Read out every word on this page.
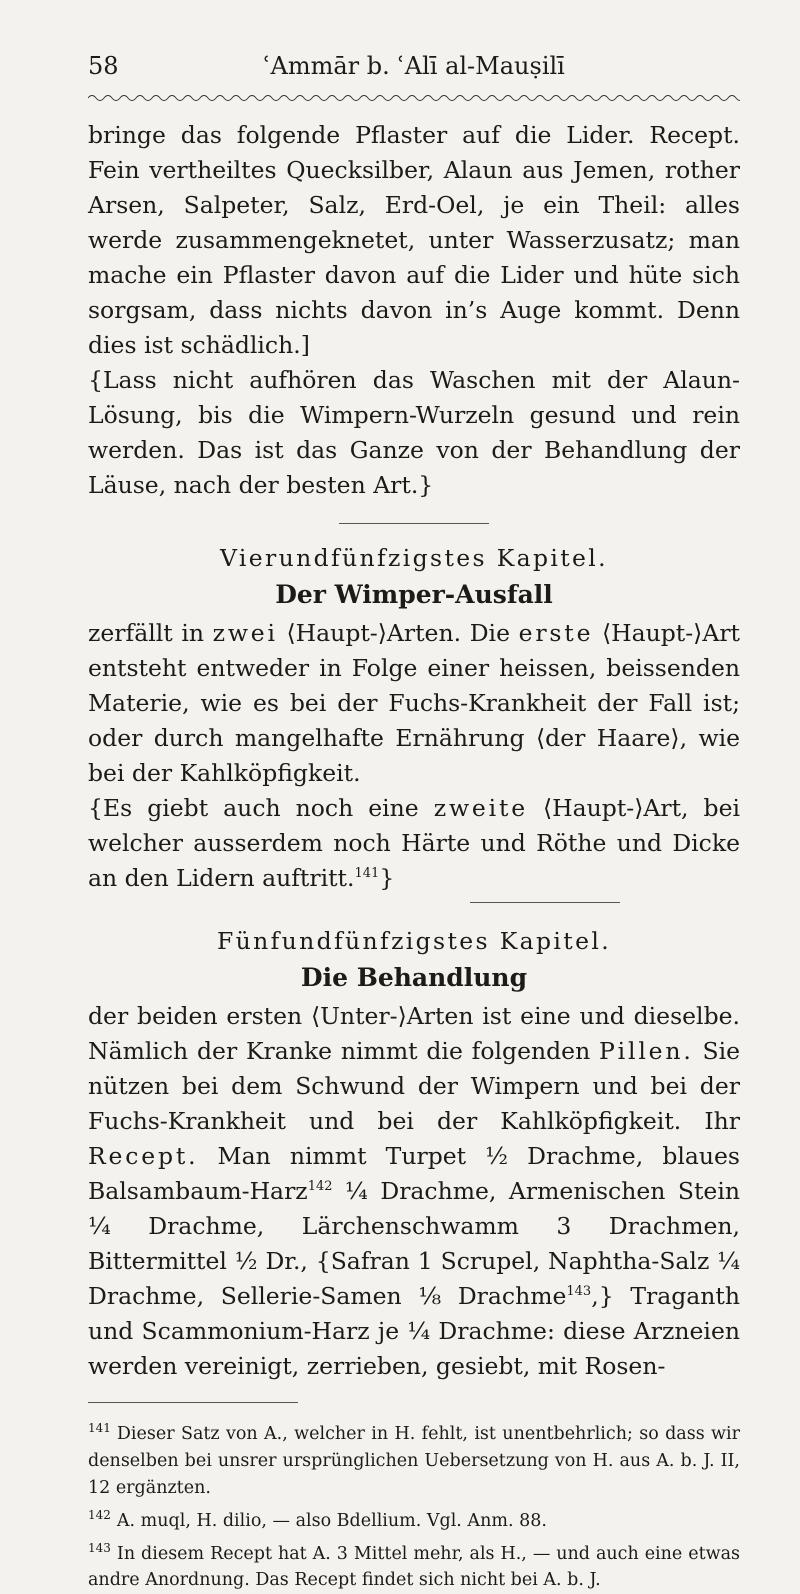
58	ʿAmmār b. ʿAlī al-Mauṣilī

bringe das folgende Pflaster auf die Lider. Recept. Fein vertheiltes Quecksilber, Alaun aus Jemen, rother Arsen, Salpeter, Salz, Erd-Oel, je ein Theil: alles werde zusammengeknetet, unter Wasserzusatz; man mache ein Pflaster davon auf die Lider und hüte sich sorgsam, dass nichts davon in’s Auge kommt. Denn dies ist schädlich.]

{Lass nicht aufhören das Waschen mit der Alaun-Lösung, bis die Wimpern-Wurzeln gesund und rein werden. Das ist das Ganze von der Behandlung der Läuse, nach der besten Art.}

Vierundfünfzigstes Kapitel.

Der Wimper-Ausfall

zerfällt in zwei ⟨Haupt-⟩Arten. Die erste ⟨Haupt-⟩Art entsteht entweder in Folge einer heissen, beissenden Materie, wie es bei der Fuchs-Krankheit der Fall ist; oder durch mangelhafte Ernährung ⟨der Haare⟩, wie bei der Kahlköpfigkeit.

{Es giebt auch noch eine zweite ⟨Haupt-⟩Art, bei welcher ausserdem noch Härte und Röthe und Dicke an den Lidern auftritt.$^{141}$}

Fünfundfünfzigstes Kapitel.

Die Behandlung

der beiden ersten ⟨Unter-⟩Arten ist eine und dieselbe. Nämlich der Kranke nimmt die folgenden Pillen. Sie nützen bei dem Schwund der Wimpern und bei der Fuchs-Krankheit und bei der Kahlköpfigkeit. Ihr Recept. Man nimmt Turpet ½ Drachme, blaues Balsambaum-Harz$^{142}$ ¼ Drachme, Armenischen Stein ¼ Drachme, Lärchenschwamm 3 Drachmen, Bittermittel ½ Dr., {Safran 1 Scrupel, Naphtha-Salz ¼ Drachme, Sellerie-Samen ⅛ Drachme$^{143}$,} Traganth und Scammonium-Harz je ¼ Drachme: diese Arzneien werden vereinigt, zerrieben, gesiebt, mit Rosen-

$^{141}$ Dieser Satz von A., welcher in H. fehlt, ist unentbehrlich; so dass wir denselben bei unsrer ursprünglichen Uebersetzung von H. aus A. b. J. II, 12 ergänzten.

$^{142}$ A. muql, H. dilio, — also Bdellium. Vgl. Anm. 88.

$^{143}$ In diesem Recept hat A. 3 Mittel mehr, als H., — und auch eine etwas andre Anordnung. Das Recept findet sich nicht bei A. b. J.
